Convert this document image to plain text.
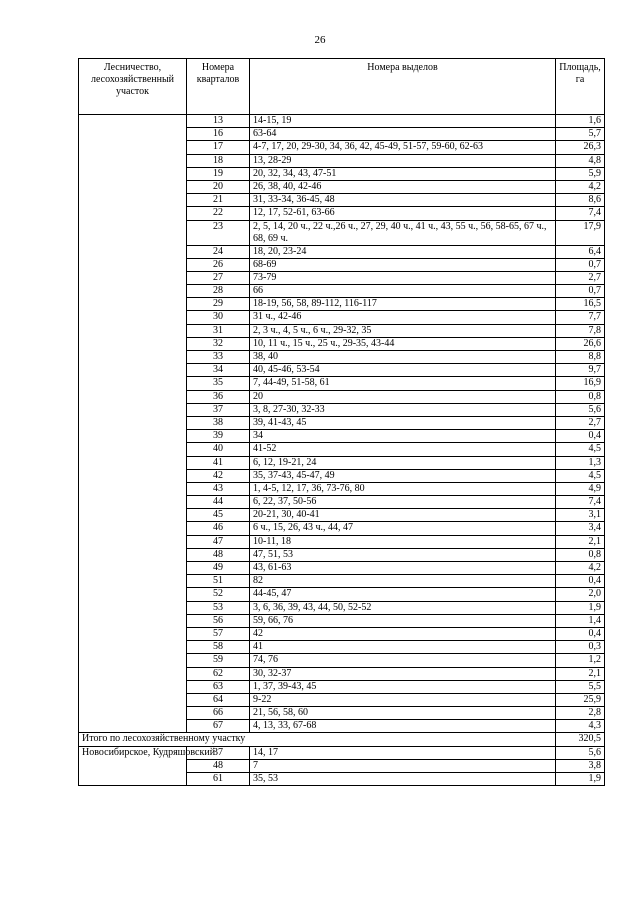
26
Лесничество, лесохозяйственный участок	Номера кварталов	Номера выделов	Площадь, га
	13	14-15, 19	1,6
	16	63-64	5,7
	17	4-7, 17, 20, 29-30, 34, 36, 42, 45-49, 51-57, 59-60, 62-63	26,3
	18	13, 28-29	4,8
	19	20, 32, 34, 43, 47-51	5,9
	20	26, 38, 40, 42-46	4,2
	21	31, 33-34, 36-45, 48	8,6
	22	12, 17, 52-61, 63-66	7,4
	23	2, 5, 14, 20 ч., 22 ч.,26 ч., 27, 29, 40 ч., 41 ч., 43, 55 ч., 56, 58-65, 67 ч., 68, 69 ч.	17,9
	24	18, 20, 23-24	6,4
	26	68-69	0,7
	27	73-79	2,7
	28	66	0,7
	29	18-19, 56, 58, 89-112, 116-117	16,5
	30	31 ч., 42-46	7,7
	31	2, 3 ч., 4, 5 ч., 6 ч., 29-32, 35	7,8
	32	10, 11 ч., 15 ч., 25 ч., 29-35, 43-44	26,6
	33	38, 40	8,8
	34	40, 45-46, 53-54	9,7
	35	7, 44-49, 51-58, 61	16,9
	36	20	0,8
	37	3, 8, 27-30, 32-33	5,6
	38	39, 41-43, 45	2,7
	39	34	0,4
	40	41-52	4,5
	41	6, 12, 19-21, 24	1,3
	42	35, 37-43, 45-47, 49	4,5
	43	1, 4-5, 12, 17, 36, 73-76, 80	4,9
	44	6, 22, 37, 50-56	7,4
	45	20-21, 30, 40-41	3,1
	46	6 ч., 15, 26, 43 ч., 44, 47	3,4
	47	10-11, 18	2,1
	48	47, 51, 53	0,8
	49	43, 61-63	4,2
	51	82	0,4
	52	44-45, 47	2,0
	53	3, 6, 36, 39, 43, 44, 50, 52-52	1,9
	56	59, 66, 76	1,4
	57	42	0,4
	58	41	0,3
	59	74, 76	1,2
	62	30, 32-37	2,1
	63	1, 37, 39-43, 45	5,5
	64	9-22	25,9
	66	21, 56, 58, 60	2,8
	67	4, 13, 33, 67-68	4,3
Итого по лесохозяйственному участку			320,5
Новосибирское, Кудряшовский	37	14, 17	5,6
	48	7	3,8
	61	35, 53	1,9
